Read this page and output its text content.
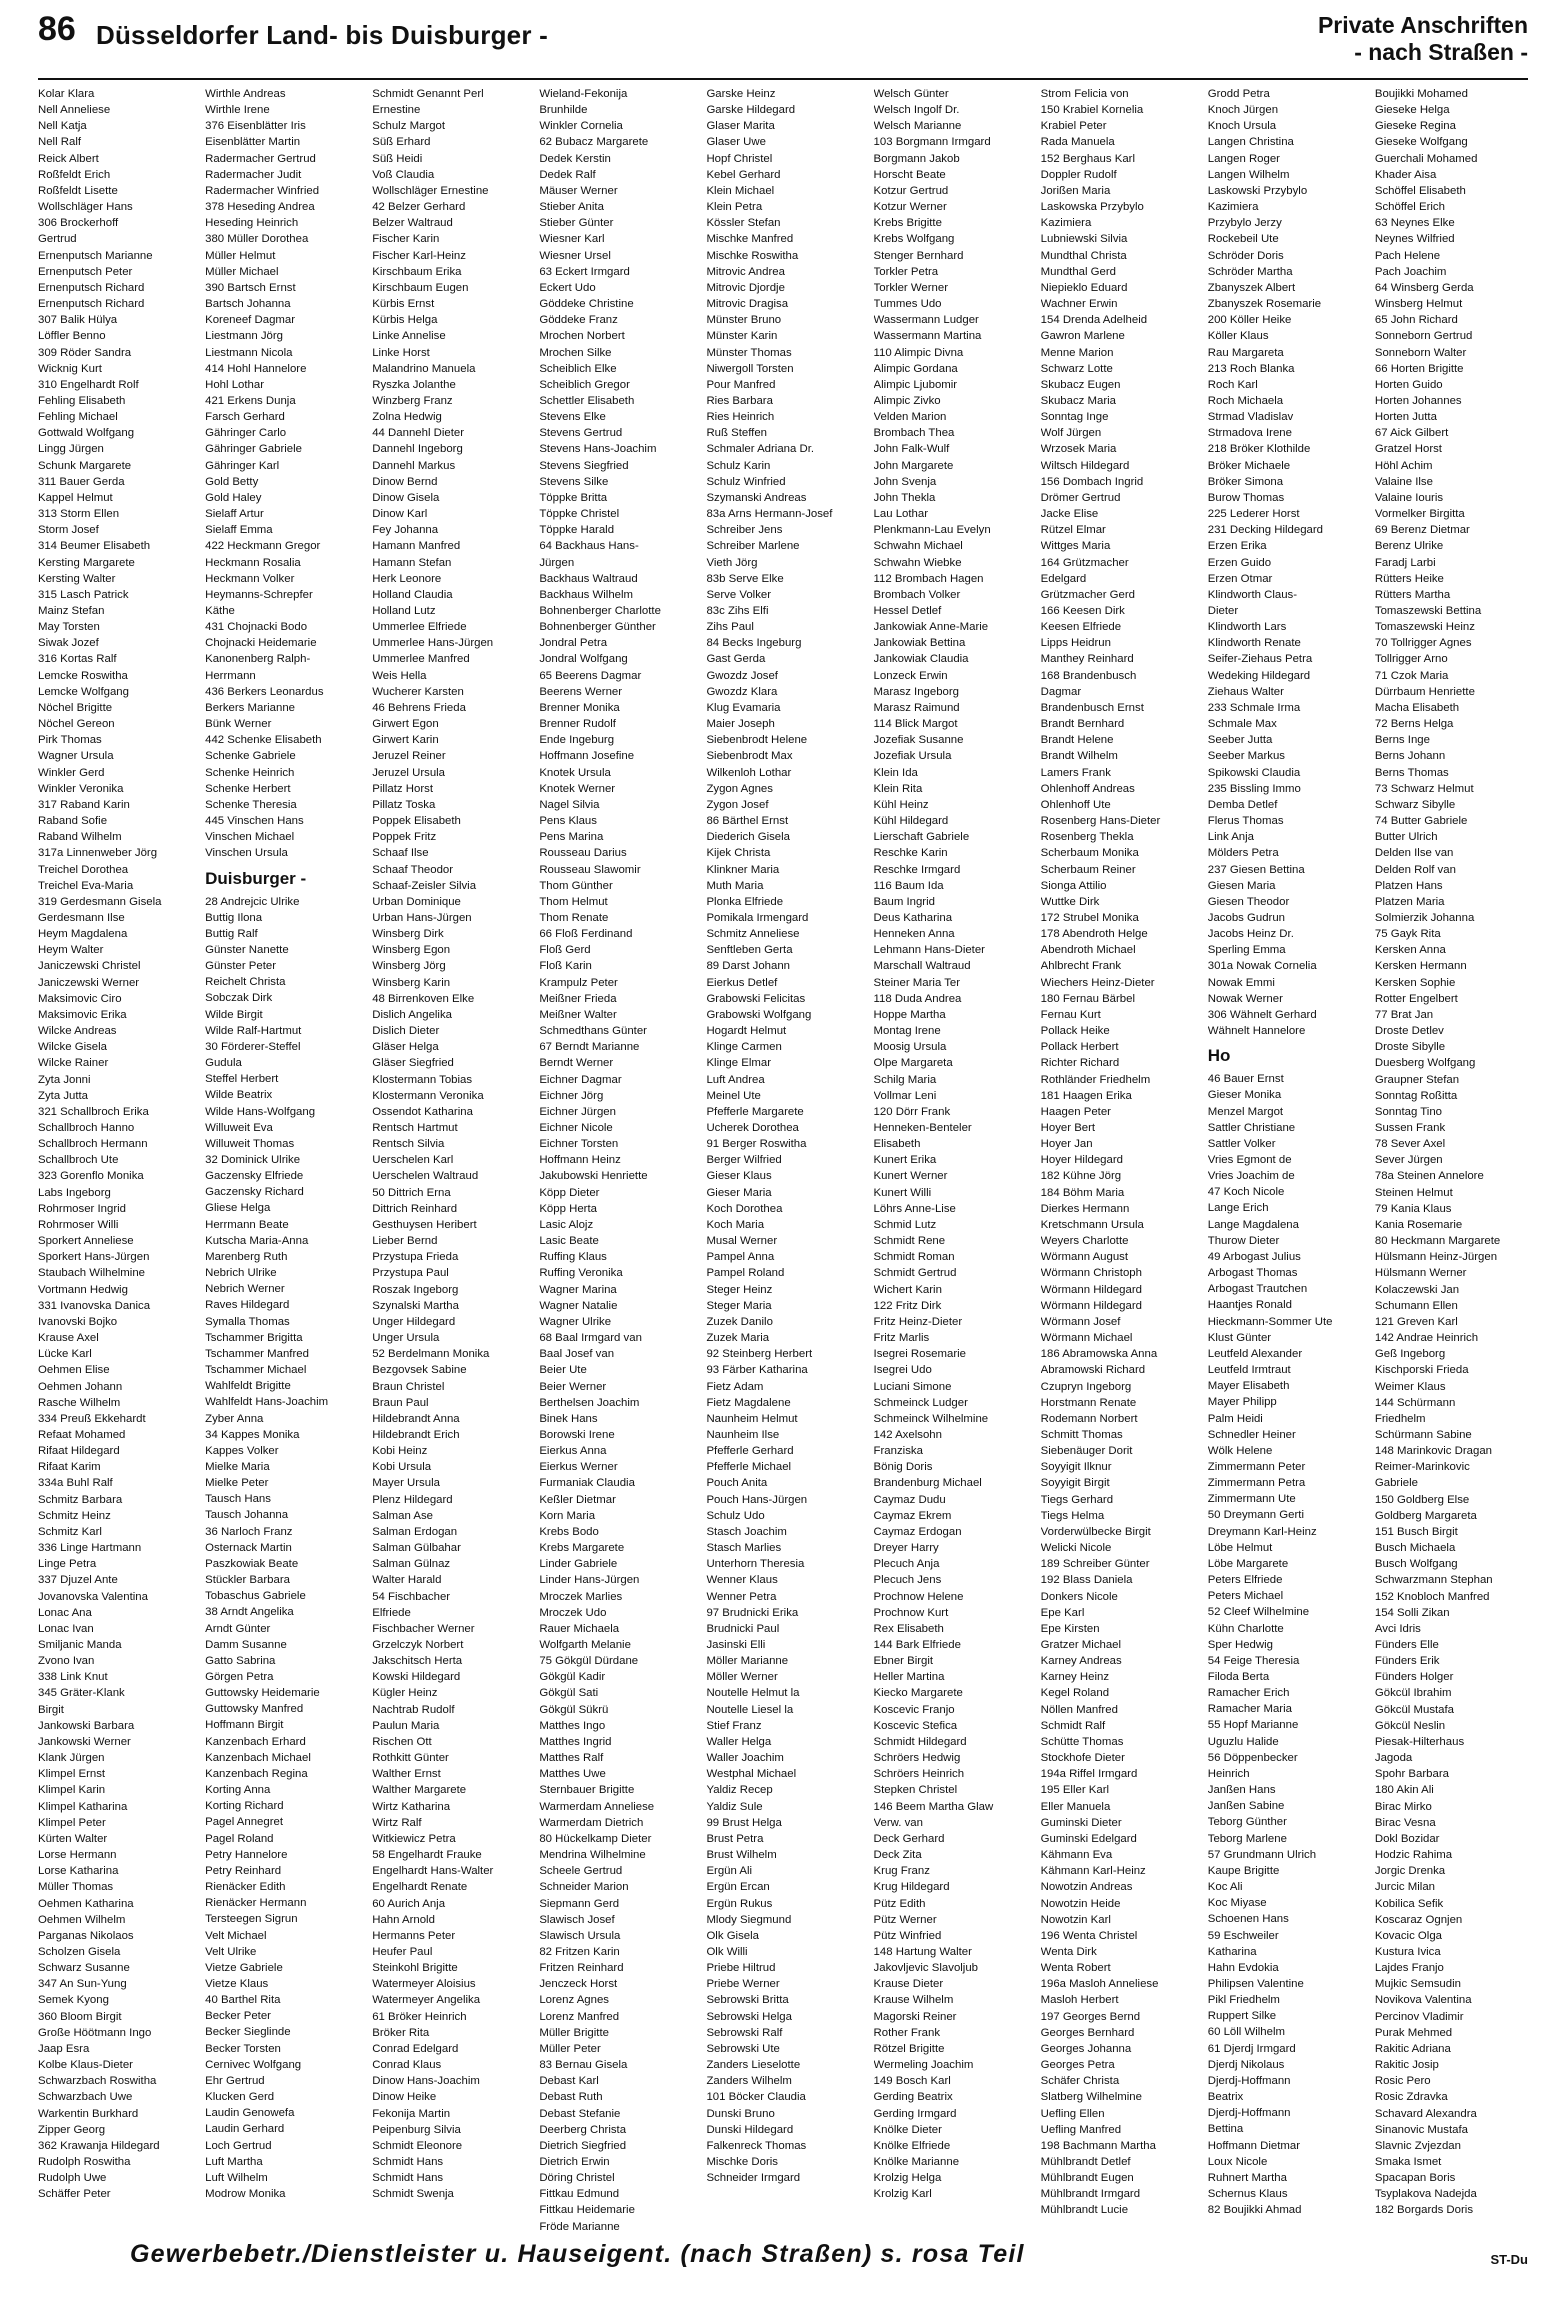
86 Düsseldorfer Land- bis Duisburger -	Private Anschriften
- nach Straßen -
Kolar Klara
Nell Anneliese
Nell Katja
Nell Ralf
Reick Albert
Roßfeldt Erich
Roßfeldt Lisette
Wollschläger Hans
306 Brockerhoff
Gertrud
Ernenputsch Marianne
Ernenputsch Peter
Ernenputsch Richard
Ernenputsch Richard
307 Balik Hülya
Löffler Benno
309 Röder Sandra
Wicknig Kurt
310 Engelhardt Rolf
Fehling Elisabeth
Fehling Michael
Gottwald Wolfgang
Lingg Jürgen
Schunk Margarete
311 Bauer Gerda
Kappel Helmut
313 Storm Ellen
Storm Josef
314 Beumer Elisabeth
Kersting Margarete
Kersting Walter
315 Lasch Patrick
Mainz Stefan
May Torsten
Siwak Jozef
316 Kortas Ralf
Lemcke Roswitha
Lemcke Wolfgang
Nöchel Brigitte
Nöchel Gereon
Pirk Thomas
Wagner Ursula
Winkler Gerd
Winkler Veronika
317 Raband Karin
Raband Sofie
Raband Wilhelm
317a Linnenweber Jörg
Treichel Dorothea
Treichel Eva-Maria
319 Gerdesmann Gisela
Gerdesmann Ilse
Heym Magdalena
Heym Walter
Janiczewski Christel
Janiczewski Werner
Maksimovic Ciro
Maksimovic Erika
Wilcke Andreas
Wilcke Gisela
Wilcke Rainer
Zyta Jonni
Zyta Jutta
321 Schallbroch Erika
Schallbroch Hanno
Schallbroch Hermann
Schallbroch Ute
323 Gorenflo Monika
Labs Ingeborg
Rohrmoser Ingrid
Rohrmoser Willi
Sporkert Anneliese
Sporkert Hans-Jürgen
Staubach Wilhelmine
Vortmann Hedwig
331 Ivanovska Danica
Ivanovski Bojko
Krause Axel
Lücke Karl
Oehmen Elise
Oehmen Johann
Rasche Wilhelm
334 Preuß Ekkehardt
Refaat Mohamed
Rifaat Hildegard
Rifaat Karim
334a Buhl Ralf
Schmitz Barbara
Schmitz Heinz
Schmitz Karl
336 Linge Hartmann
Linge Petra
337 Djuzel Ante
Jovanovska Valentina
Lonac Ana
Lonac Ivan
Smiljanic Manda
Zvono Ivan
338 Link Knut
345 Gräter-Klank
Birgit
Jankowski Barbara
Jankowski Werner
Klank Jürgen
Klimpel Ernst
Klimpel Karin
Klimpel Katharina
Klimpel Peter
Kürten Walter
Lorse Hermann
Lorse Katharina
Müller Thomas
Oehmen Katharina
Oehmen Wilhelm
Parganas Nikolaos
Scholzen Gisela
Schwarz Susanne
347 An Sun-Yung
Semek Kyong
360 Bloom Birgit
Große Höötmann Ingo
Jaap Esra
Kolbe Klaus-Dieter
Schwarzbach Roswitha
Schwarzbach Uwe
Warkentin Burkhard
Zipper Georg
362 Krawanja Hildegard
Rudolph Roswitha
Rudolph Uwe
Schäffer Peter
Wirthle Andreas
Wirthle Irene
376 Eisenblätter Iris
Eisenblätter Martin
Radermacher Gertrud
Radermacher Judit
Radermacher Winfried
378 Heseding Andrea
Heseding Heinrich
380 Müller Dorothea
Müller Helmut
Müller Michael
390 Bartsch Ernst
Bartsch Johanna
Koreneef Dagmar
Liestmann Jörg
Liestmann Nicola
414 Hohl Hannelore
Hohl Lothar
421 Erkens Dunja
Farsch Gerhard
Gähringer Carlo
Gähringer Gabriele
Gähringer Karl
Gold Betty
Gold Haley
Sielaff Artur
Sielaff Emma
422 Heckmann Gregor
Heckmann Rosalia
Heckmann Volker
Heymanns-Schrepfer
Käthe
431 Chojnacki Bodo
Chojnacki Heidemarie
Kanonenberg Ralph-
Herrmann
436 Berkers Leonardus
Berkers Marianne
Bünk Werner
442 Schenke Elisabeth
Schenke Gabriele
Schenke Heinrich
Schenke Herbert
Schenke Theresia
445 Vinschen Hans
Vinschen Michael
Vinschen Ursula
Duisburger -
28 Andrejcic Ulrike
Buttig Ilona
Buttig Ralf
Günster Nanette
Günster Peter
Reichelt Christa
Sobczak Dirk
Wilde Birgit
Wilde Ralf-Hartmut
30 Förderer-Steffel
Gudula
Steffel Herbert
Wilde Beatrix
Wilde Hans-Wolfgang
Willuweit Eva
Willuweit Thomas
32 Dominick Ulrike
Gaczensky Elfriede
Gaczensky Richard
Gliese Helga
Herrmann Beate
Kutscha Maria-Anna
Marenberg Ruth
Nebrich Ulrike
Nebrich Werner
Raves Hildegard
Symalla Thomas
Tschammer Brigitta
Tschammer Manfred
Tschammer Michael
Wahlfeldt Brigitte
Wahlfeldt Hans-Joachim
Zyber Anna
34 Kappes Monika
Kappes Volker
Mielke Maria
Mielke Peter
Tausch Hans
Tausch Johanna
36 Narloch Franz
Osternack Martin
Paszkowiak Beate
Stückler Barbara
Tobaschus Gabriele
38 Arndt Angelika
Arndt Günter
Damm Susanne
Gatto Sabrina
Görgen Petra
Guttowsky Heidemarie
Guttowsky Manfred
Hoffmann Birgit
Kanzenbach Erhard
Kanzenbach Michael
Kanzenbach Regina
Korting Anna
Korting Richard
Pagel Annegret
Pagel Roland
Petry Hannelore
Petry Reinhard
Rienäcker Edith
Rienäcker Hermann
Tersteegen Sigrun
Velt Michael
Velt Ulrike
Vietze Gabriele
Vietze Klaus
40 Barthel Rita
Becker Peter
Becker Sieglinde
Becker Torsten
Cernivec Wolfgang
Ehr Gertrud
Klucken Gerd
Laudin Genowefa
Laudin Gerhard
Loch Gertrud
Luft Martha
Luft Wilhelm
Modrow Monika
Schmidt Genannt Perl
Ernestine
Schulz Margot
Süß Erhard
Süß Heidi
Voß Claudia
Wollschläger Ernestine
42 Belzer Gerhard
Belzer Waltraud
Fischer Karin
Fischer Karl-Heinz
Kirschbaum Erika
Kirschbaum Eugen
Kürbis Ernst
Kürbis Helga
Linke Annelise
Linke Horst
Malandrino Manuela
Ryszka Jolanthe
Winzberg Franz
Zolna Hedwig
44 Dannehl Dieter
Dannehl Ingeborg
Dannehl Markus
Dinow Bernd
Dinow Gisela
Dinow Karl
Fey Johanna
Hamann Manfred
Hamann Stefan
Herk Leonore
Holland Claudia
Holland Lutz
Ummerlee Elfriede
Ummerlee Hans-Jürgen
Ummerlee Manfred
Weis Hella
Wucherer Karsten
46 Behrens Frieda
Girwert Egon
Girwert Karin
Jeruzel Reiner
Jeruzel Ursula
Pillatz Horst
Pillatz Toska
Poppek Elisabeth
Poppek Fritz
Schaaf Ilse
Schaaf Theodor
Schaaf-Zeisler Silvia
Urban Dominique
Urban Hans-Jürgen
Winsberg Dirk
Winsberg Egon
Winsberg Jörg
Winsberg Karin
48 Birrenkoven Elke
Dislich Angelika
Dislich Dieter
Gläser Helga
Gläser Siegfried
Klostermann Tobias
Klostermann Veronika
Ossendot Katharina
Rentsch Hartmut
Rentsch Silvia
Uerschelen Karl
Uerschelen Waltraud
50 Dittrich Erna
Dittrich Reinhard
Gesthuysen Heribert
Lieber Bernd
Przystupa Frieda
Przystupa Paul
Roszak Ingeborg
Szynalski Martha
Unger Hildegard
Unger Ursula
52 Berdelmann Monika
Bezgovsek Sabine
Braun Christel
Braun Paul
Hildebrandt Anna
Hildebrandt Erich
Kobi Heinz
Kobi Ursula
Mayer Ursula
Plenz Hildegard
Salman Ase
Salman Erdogan
Salman Gülbahar
Salman Gülnaz
Walter Harald
54 Fischbacher
Elfriede
Fischbacher Werner
Grzelczyk Norbert
Jakschitsch Herta
Kowski Hildegard
Kügler Heinz
Nachtrab Rudolf
Paulun Maria
Rischen Ott
Rothkitt Günter
Walther Ernst
Walther Margarete
Wirtz Katharina
Wirtz Ralf
Witkiewicz Petra
58 Engelhardt Frauke
Engelhardt Hans-Walter
Engelhardt Renate
60 Aurich Anja
Hahn Arnold
Hermanns Peter
Heufer Paul
Steinkohl Brigitte
Watermeyer Aloisius
Watermeyer Angelika
61 Bröker Heinrich
Bröker Rita
Conrad Edelgard
Conrad Klaus
Dinow Hans-Joachim
Dinow Heike
Fekonija Martin
Peipenburg Silvia
Schmidt Eleonore
Schmidt Hans
Schmidt Hans
Schmidt Swenja
Wieland-Fekonija
Brunhilde
Winkler Cornelia
62 Bubacz Margarete
Dedek Kerstin
Dedek Ralf
Mäuser Werner
Stieber Anita
Stieber Günter
Wiesner Karl
Wiesner Ursel
63 Eckert Irmgard
Eckert Udo
Göddeke Christine
Göddeke Franz
Mrochen Norbert
Mrochen Silke
Scheiblich Elke
Scheiblich Gregor
Schettler Elisabeth
Stevens Elke
Stevens Gertrud
Stevens Hans-Joachim
Stevens Siegfried
Stevens Silke
Töppke Britta
Töppke Christel
Töppke Harald
64 Backhaus Hans-
Jürgen
Backhaus Waltraud
Backhaus Wilhelm
Bohnenberger Charlotte
Bohnenberger Günther
Jondral Petra
Jondral Wolfgang
65 Beerens Dagmar
Beerens Werner
Brenner Monika
Brenner Rudolf
Ende Ingeburg
Hoffmann Josefine
Knotek Ursula
Knotek Werner
Nagel Silvia
Pens Klaus
Pens Marina
Rousseau Darius
Rousseau Slawomir
Thom Günther
Thom Helmut
Thom Renate
66 Floß Ferdinand
Floß Gerd
Floß Karin
Krampulz Peter
Meißner Frieda
Meißner Walter
Schmedthans Günter
67 Berndt Marianne
Berndt Werner
Eichner Dagmar
Eichner Jörg
Eichner Jürgen
Eichner Nicole
Eichner Torsten
Hoffmann Heinz
Jakubowski Henriette
Köpp Dieter
Köpp Herta
Lasic Alojz
Lasic Beate
Ruffing Klaus
Ruffing Veronika
Wagner Marina
Wagner Natalie
Wagner Ulrike
68 Baal Irmgard van
Baal Josef van
Beier Ute
Beier Werner
Berthelsen Joachim
Binek Hans
Borowski Irene
Eierkus Anna
Eierkus Werner
Furmaniak Claudia
Keßler Dietmar
Korn Maria
Krebs Bodo
Krebs Margarete
Linder Gabriele
Linder Hans-Jürgen
Mroczek Marlies
Mroczek Udo
Rauer Michaela
Wolfgarth Melanie
75 Gökgül Dürdane
Gökgül Kadir
Gökgül Sati
Gökgül Sükrü
Matthes Ingo
Matthes Ingrid
Matthes Ralf
Matthes Uwe
Sternbauer Brigitte
Warmerdam Anneliese
Warmerdam Dietrich
80 Hückelkamp Dieter
Mendrina Wilhelmine
Scheele Gertrud
Schneider Marion
Siepmann Gerd
Slawisch Josef
Slawisch Ursula
82 Fritzen Karin
Fritzen Reinhard
Jenczeck Horst
Lorenz Agnes
Lorenz Manfred
Müller Brigitte
Müller Peter
83 Bernau Gisela
Debast Karl
Debast Ruth
Debast Stefanie
Deerberg Christa
Dietrich Siegfried
Dietrich Erwin
Döring Christel
Fittkau Edmund
Fittkau Heidemarie
Fröde Marianne
Garske Heinz
Garske Hildegard
Glaser Marita
Glaser Uwe
Hopf Christel
Kebel Gerhard
Klein Michael
Klein Petra
Kössler Stefan
Mischke Manfred
Mischke Roswitha
Mitrovic Andrea
Mitrovic Djordje
Mitrovic Dragisa
Münster Bruno
Münster Karin
Münster Thomas
Niwergoll Torsten
Pour Manfred
Ries Barbara
Ries Heinrich
Ruß Steffen
Schmaler Adriana Dr.
Schulz Karin
Schulz Winfried
Szymanski Andreas
83a Arns Hermann-Josef
Schreiber Jens
Schreiber Marlene
Vieth Jörg
83b Serve Elke
Serve Volker
83c Zihs Elfi
Zihs Paul
84 Becks Ingeburg
Gast Gerda
Gwozdz Josef
Gwozdz Klara
Klug Evamaria
Maier Joseph
Siebenbrodt Helene
Siebenbrodt Max
Wilkenloh Lothar
Zygon Agnes
Zygon Josef
86 Bärthel Ernst
Diederich Gisela
Kijek Christa
Klinkner Maria
Muth Maria
Plonka Elfriede
Pomikala Irmengard
Schmitz Anneliese
Senftleben Gerta
89 Darst Johann
Eierkus Detlef
Grabowski Felicitas
Grabowski Wolfgang
Hogardt Helmut
Klinge Carmen
Klinge Elmar
Luft Andrea
Meinel Ute
Pfefferle Margarete
Ucherek Dorothea
91 Berger Roswitha
Berger Wilfried
Gieser Klaus
Gieser Maria
Koch Dorothea
Koch Maria
Musal Werner
Pampel Anna
Pampel Roland
Steger Heinz
Steger Maria
Zuzek Danilo
Zuzek Maria
92 Steinberg Herbert
93 Färber Katharina
Fietz Adam
Fietz Magdalene
Naunheim Helmut
Naunheim Ilse
Pfefferle Gerhard
Pfefferle Michael
Pouch Anita
Pouch Hans-Jürgen
Schulz Udo
Stasch Joachim
Stasch Marlies
Unterhorn Theresia
Wenner Klaus
Wenner Petra
97 Brudnicki Erika
Brudnicki Paul
Jasinski Elli
Möller Marianne
Möller Werner
Noutelle Helmut la
Noutelle Liesel la
Stief Franz
Waller Helga
Waller Joachim
Westphal Michael
Yaldiz Recep
Yaldiz Sule
99 Brust Helga
Brust Petra
Brust Wilhelm
Ergün Ali
Ergün Ercan
Ergün Rukus
Mlody Siegmund
Olk Gisela
Olk Willi
Priebe Hiltrud
Priebe Werner
Sebrowski Britta
Sebrowski Helga
Sebrowski Ralf
Sebrowski Ute
Zanders Lieselotte
Zanders Wilhelm
101 Böcker Claudia
Dunski Bruno
Dunski Hildegard
Falkenreck Thomas
Mischke Doris
Schneider Irmgard
Welsch Günter
Welsch Ingolf Dr.
Welsch Marianne
103 Borgmann Irmgard
Borgmann Jakob
Horscht Beate
Kotzur Gertrud
Kotzur Werner
Krebs Brigitte
Krebs Wolfgang
Stenger Bernhard
Torkler Petra
Torkler Werner
Tummes Udo
Wassermann Ludger
Wassermann Martina
110 Alimpic Divna
Alimpic Gordana
Alimpic Ljubomir
Alimpic Zivko
Velden Marion
Brombach Thea
John Falk-Wulf
John Margarete
John Svenja
John Thekla
Lau Lothar
Plenkmann-Lau Evelyn
Schwahn Michael
Schwahn Wiebke
112 Brombach Hagen
Brombach Volker
Hessel Detlef
Jankowiak Anne-Marie
Jankowiak Bettina
Jankowiak Claudia
Lonzeck Erwin
Marasz Ingeborg
Marasz Raimund
114 Blick Margot
Jozefiak Susanne
Jozefiak Ursula
Klein Ida
Klein Rita
Kühl Heinz
Kühl Hildegard
Lierschaft Gabriele
Reschke Karin
Reschke Irmgard
116 Baum Ida
Baum Ingrid
Deus Katharina
Henneken Anna
Lehmann Hans-Dieter
Marschall Waltraud
Steiner Maria Ter
118 Duda Andrea
Hoppe Martha
Montag Irene
Moosig Ursula
Olpe Margareta
Schilg Maria
Vollmar Leni
120 Dörr Frank
Henneken-Benteler
Elisabeth
Kunert Erika
Kunert Werner
Kunert Willi
Löhrs Anne-Lise
Schmid Lutz
Schmidt Rene
Schmidt Roman
Schmidt Gertrud
Wichert Karin
122 Fritz Dirk
Fritz Heinz-Dieter
Fritz Marlis
Isegrei Rosemarie
Isegrei Udo
Luciani Simone
Schmeinck Ludger
Schmeinck Wilhelmine
142 Axelsohn
Franziska
Bönig Doris
Brandenburg Michael
Caymaz Dudu
Caymaz Ekrem
Caymaz Erdogan
Dreyer Harry
Plecuch Anja
Plecuch Jens
Prochnow Helene
Prochnow Kurt
Rex Elisabeth
144 Bark Elfriede
Ebner Birgit
Heller Martina
Kiecko Margarete
Koscevic Franjo
Koscevic Stefica
Schmidt Hildegard
Schröers Hedwig
Schröers Heinrich
Stepken Christel
146 Beem Martha Glaw
Verw. van
Deck Gerhard
Deck Zita
Krug Franz
Krug Hildegard
Pütz Edith
Pütz Werner
Pütz Winfried
148 Hartung Walter
Jakovljevic Slavoljub
Krause Dieter
Krause Wilhelm
Magorski Reiner
Rother Frank
Rötzel Brigitte
Wermeling Joachim
149 Bosch Karl
Gerding Beatrix
Gerding Irmgard
Knölke Dieter
Knölke Elfriede
Knölke Marianne
Krolzig Helga
Krolzig Karl
Strom Felicia von
150 Krabiel Kornelia
Krabiel Peter
Rada Manuela
152 Berghaus Karl
Doppler Rudolf
Jorißen Maria
Laskowska Przybylo
Kazimiera
Lubniewski Silvia
Mundthal Christa
Mundthal Gerd
Niepieklo Eduard
Wachner Erwin
154 Drenda Adelheid
Gawron Marlene
Menne Marion
Schwarz Lotte
Skubacz Eugen
Skubacz Maria
Sonntag Inge
Wolf Jürgen
Wrzosek Maria
Wiltsch Hildegard
156 Dombach Ingrid
Drömer Gertrud
Jacke Elise
Rützel Elmar
Wittges Maria
164 Grützmacher
Edelgard
Grützmacher Gerd
166 Keesen Dirk
Keesen Elfriede
Lipps Heidrun
Manthey Reinhard
168 Brandenbusch
Dagmar
Brandenbusch Ernst
Brandt Bernhard
Brandt Helene
Brandt Wilhelm
Lamers Frank
Ohlenhoff Andreas
Ohlenhoff Ute
Rosenberg Hans-Dieter
Rosenberg Thekla
Scherbaum Monika
Scherbaum Reiner
Sionga Attilio
Wuttke Dirk
172 Strubel Monika
178 Abendroth Helge
Abendroth Michael
Ahlbrecht Frank
Wiechers Heinz-Dieter
180 Fernau Bärbel
Fernau Kurt
Pollack Heike
Pollack Herbert
Richter Richard
Rothländer Friedhelm
181 Haagen Erika
Haagen Peter
Hoyer Bert
Hoyer Jan
Hoyer Hildegard
182 Kühne Jörg
184 Böhm Maria
Dierkes Hermann
Kretschmann Ursula
Weyers Charlotte
Wörmann August
Wörmann Christoph
Wörmann Hildegard
Wörmann Hildegard
Wörmann Josef
Wörmann Michael
186 Abramowska Anna
Abramowski Richard
Czupryn Ingeborg
Horstmann Renate
Rodemann Norbert
Schmitt Thomas
Siebenäuger Dorit
Soyyigit Ilknur
Soyyigit Birgit
Tiegs Gerhard
Tiegs Helma
Vorderwülbecke Birgit
Welicki Nicole
189 Schreiber Günter
192 Blass Daniela
Donkers Nicole
Epe Karl
Epe Kirsten
Gratzer Michael
Karney Andreas
Karney Heinz
Kegel Roland
Nöllen Manfred
Schmidt Ralf
Schütte Thomas
Stockhofe Dieter
194a Riffel Irmgard
195 Eller Karl
Eller Manuela
Guminski Dieter
Guminski Edelgard
Kähmann Eva
Kähmann Karl-Heinz
Nowotzin Andreas
Nowotzin Heide
Nowotzin Karl
196 Wenta Christel
Wenta Dirk
Wenta Robert
196a Masloh Anneliese
Masloh Herbert
197 Georges Bernd
Georges Bernhard
Georges Johanna
Georges Petra
Schäfer Christa
Slatberg Wilhelmine
Uefling Ellen
Uefling Manfred
198 Bachmann Martha
Mühlbrandt Detlef
Mühlbrandt Eugen
Mühlbrandt Irmgard
Mühlbrandt Lucie
Grodd Petra
Knoch Jürgen
Knoch Ursula
Langen Christina
Langen Roger
Langen Wilhelm
Laskowski Przybylo
Kazimiera
Przybylo Jerzy
Rockebeil Ute
Schröder Doris
Schröder Martha
Zbanyszek Albert
Zbanyszek Rosemarie
200 Köller Heike
Köller Klaus
Rau Margareta
213 Roch Blanka
Roch Karl
Roch Michaela
Strmad Vladislav
Strmadova Irene
218 Bröker Klothilde
Bröker Michaele
Bröker Simona
Burow Thomas
225 Lederer Horst
231 Decking Hildegard
Erzen Erika
Erzen Guido
Erzen Otmar
Klindworth Claus-
Dieter
Klindworth Lars
Klindworth Renate
Seifer-Ziehaus Petra
Wedeking Hildegard
Ziehaus Walter
233 Schmale Irma
Schmale Max
Seeber Jutta
Seeber Markus
Spikowski Claudia
235 Bissling Immo
Demba Detlef
Flerus Thomas
Link Anja
Mölders Petra
237 Giesen Bettina
Giesen Maria
Giesen Theodor
Jacobs Gudrun
Jacobs Heinz Dr.
Sperling Emma
301a Nowak Cornelia
Nowak Emmi
Nowak Werner
306 Wähnelt Gerhard
Wähnelt Hannelore
Ho
46 Bauer Ernst
Gieser Monika
Menzel Margot
Sattler Christiane
Sattler Volker
Vries Egmont de
Vries Joachim de
47 Koch Nicole
Lange Erich
Lange Magdalena
Thurow Dieter
49 Arbogast Julius
Arbogast Thomas
Arbogast Trautchen
Haantjes Ronald
Hieckmann-Sommer Ute
Klust Günter
Leutfeld Alexander
Leutfeld Irmtraut
Mayer Elisabeth
Mayer Philipp
Palm Heidi
Schnedler Heiner
Wölk Helene
Zimmermann Peter
Zimmermann Petra
Zimmermann Ute
50 Dreymann Gerti
Dreymann Karl-Heinz
Löbe Helmut
Löbe Margarete
Peters Elfriede
Peters Michael
52 Cleef Wilhelmine
Kühn Charlotte
Sper Hedwig
54 Feige Theresia
Filoda Berta
Ramacher Erich
Ramacher Maria
55 Hopf Marianne
Uguzlu Halide
56 Döppenbecker
Heinrich
Janßen Hans
Janßen Sabine
Teborg Günther
Teborg Marlene
57 Grundmann Ulrich
Kaupe Brigitte
Koc Ali
Koc Miyase
Schoenen Hans
59 Eschweiler
Katharina
Hahn Evdokia
Philipsen Valentine
Pikl Friedhelm
Ruppert Silke
60 Löll Wilhelm
61 Djerdj Irmgard
Djerdj Nikolaus
Djerdj-Hoffmann
Beatrix
Djerdj-Hoffmann
Bettina
Hoffmann Dietmar
Loux Nicole
Ruhnert Martha
Schernus Klaus
82 Boujikki Ahmad
Boujikki Mohamed
Gieseke Helga
Gieseke Regina
Gieseke Wolfgang
Guerchali Mohamed
Khader Aisa
Schöffel Elisabeth
Schöffel Erich
63 Neynes Elke
Neynes Wilfried
Pach Helene
Pach Joachim
64 Winsberg Gerda
Winsberg Helmut
65 John Richard
Sonneborn Gertrud
Sonneborn Walter
66 Horten Brigitte
Horten Guido
Horten Johannes
Horten Jutta
67 Aick Gilbert
Gratzel Horst
Höhl Achim
Valaine Ilse
Valaine Iouris
Vormelker Birgitta
69 Berenz Dietmar
Berenz Ulrike
Faradj Larbi
Rütters Heike
Rütters Martha
Tomaszewski Bettina
Tomaszewski Heinz
70 Tollrigger Agnes
Tollrigger Arno
71 Czok Maria
Dürrbaum Henriette
Macha Elisabeth
72 Berns Helga
Berns Inge
Berns Johann
Berns Thomas
73 Schwarz Helmut
Schwarz Sibylle
74 Butter Gabriele
Butter Ulrich
Delden Ilse van
Delden Rolf van
Platzen Hans
Platzen Maria
Solmierzik Johanna
75 Gayk Rita
Kersken Anna
Kersken Hermann
Kersken Sophie
Rotter Engelbert
77 Brat Jan
Droste Detlev
Droste Sibylle
Duesberg Wolfgang
Graupner Stefan
Sonntag Roßitta
Sonntag Tino
Sussen Frank
78 Sever Axel
Sever Jürgen
78a Steinen Annelore
Steinen Helmut
79 Kania Klaus
Kania Rosemarie
80 Heckmann Margarete
Hülsmann Heinz-Jürgen
Hülsmann Werner
Kolaczewski Jan
Schumann Ellen
121 Greven Karl
142 Andrae Heinrich
Geß Ingeborg
Kischporski Frieda
Weimer Klaus
144 Schürmann
Friedhelm
Schürmann Sabine
148 Marinkovic Dragan
Reimer-Marinkovic
Gabriele
150 Goldberg Else
Goldberg Margareta
151 Busch Birgit
Busch Michaela
Busch Wolfgang
Schwarzmann Stephan
152 Knobloch Manfred
154 Solli Zikan
Avci Idris
Fünders Elle
Fünders Erik
Fünders Holger
Gökcül Ibrahim
Gökcül Mustafa
Gökcül Neslin
Piesak-Hilterhaus
Jagoda
Spohr Barbara
180 Akin Ali
Birac Mirko
Birac Vesna
Dokl Bozidar
Hodzic Rahima
Jorgic Drenka
Jurcic Milan
Kobilica Sefik
Koscaraz Ognjen
Kovacic Olga
Kustura Ivica
Lajdes Franjo
Mujkic Semsudin
Novikova Valentina
Percinov Vladimir
Purak Mehmed
Rakitic Adriana
Rakitic Josip
Rosic Pero
Rosic Zdravka
Schavard Alexandra
Sinanovic Mustafa
Slavnic Zvjezdan
Smaka Ismet
Spacapan Boris
Tsyplakova Nadejda
182 Borgards Doris
Gewerbebetr./Dienstleister u. Hauseigent. (nach Straßen) s. rosa Teil	ST-Du
